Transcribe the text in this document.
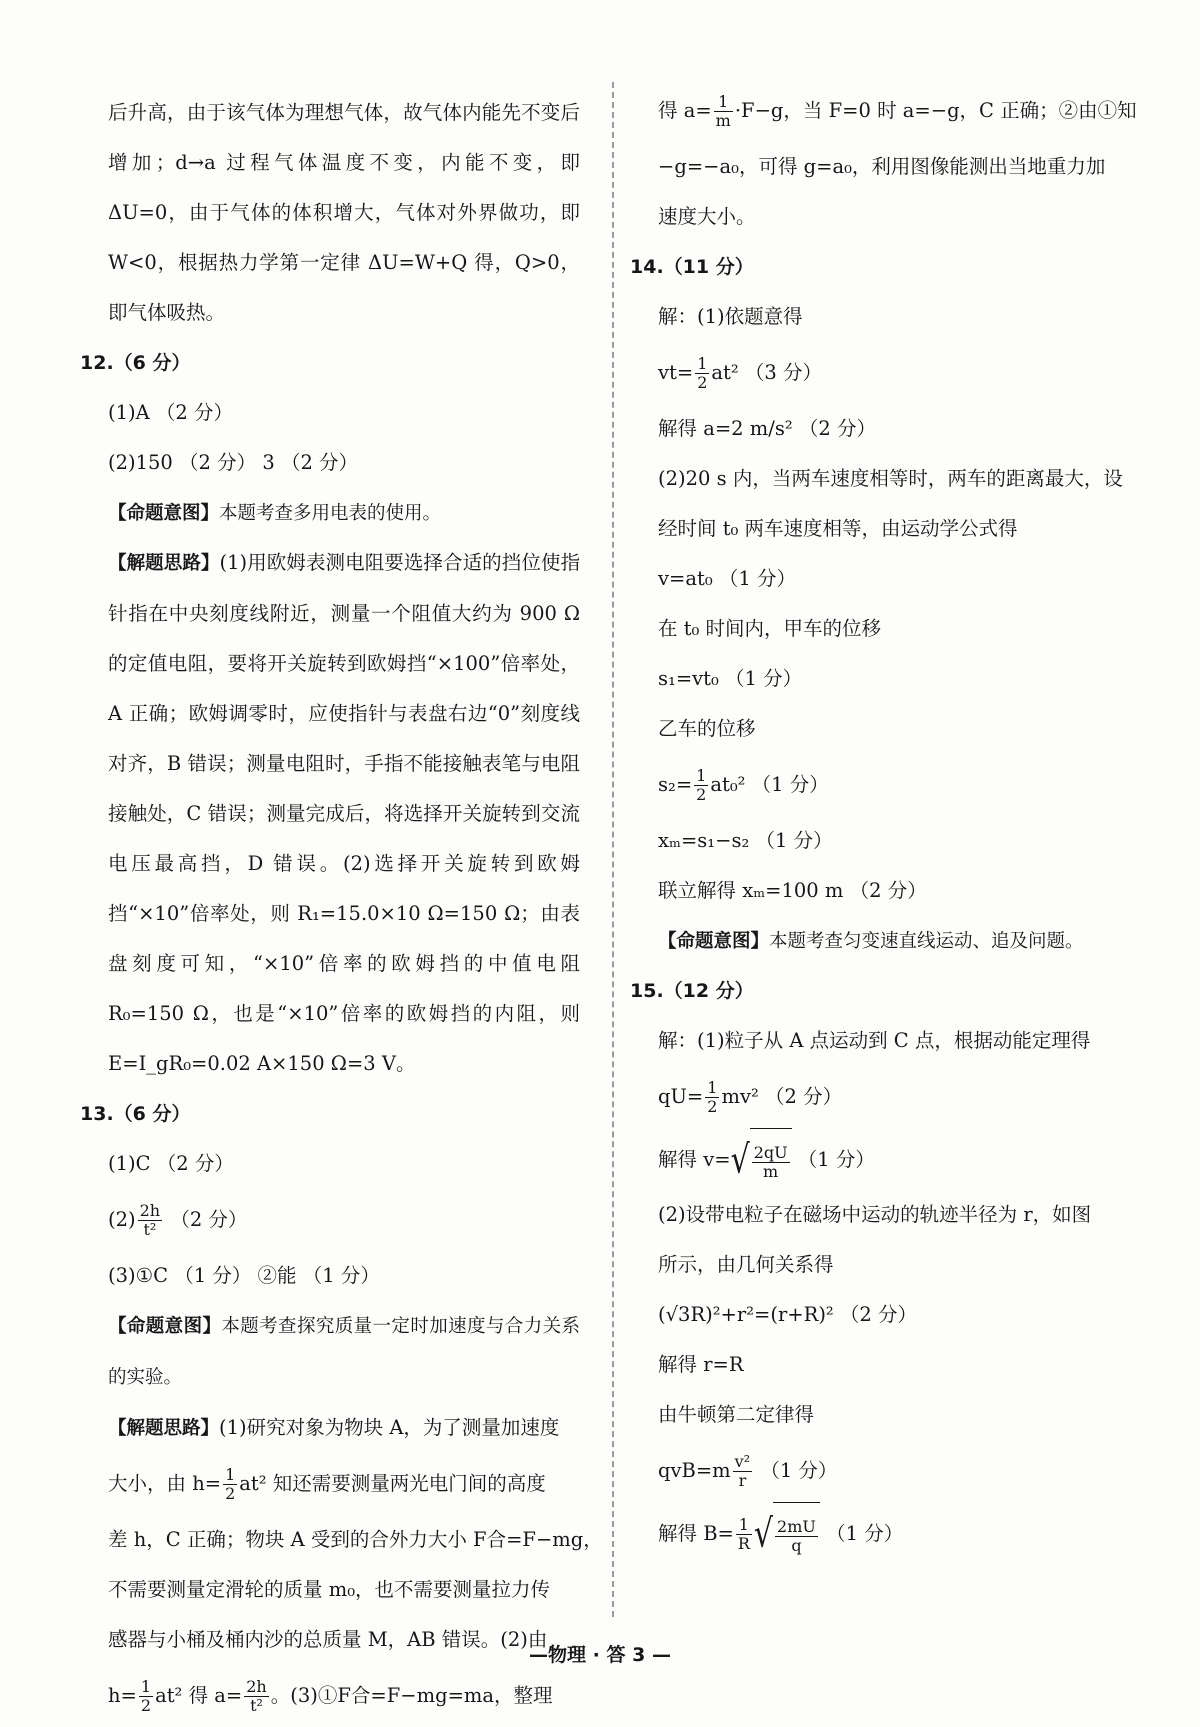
后升高，由于该气体为理想气体，故气体内能先不变后增加；d→a 过程气体温度不变，内能不变，即 ΔU=0，由于气体的体积增大，气体对外界做功，即 W<0，根据热力学第一定律 ΔU=W+Q 得，Q>0，即气体吸热。

12.（6 分）
(1)A （2 分）
(2)150 （2 分） 3 （2 分）
【命题意图】本题考查多用电表的使用。

【解题思路】(1)用欧姆表测电阻要选择合适的挡位使指针指在中央刻度线附近，测量一个阻值大约为 900 Ω 的定值电阻，要将开关旋转到欧姆挡“×100”倍率处，A 正确；欧姆调零时，应使指针与表盘右边“0”刻度线对齐，B 错误；测量电阻时，手指不能接触表笔与电阻接触处，C 错误；测量完成后，将选择开关旋转到交流电压最高挡，D 错误。(2)选择开关旋转到欧姆挡“×10”倍率处，则 R₁=15.0×10 Ω=150 Ω；由表盘刻度可知，“×10”倍率的欧姆挡的中值电阻 R₀=150 Ω，也是“×10”倍率的欧姆挡的内阻，则 E=I_gR₀=0.02 A×150 Ω=3 V。

13.（6 分）
(1)C （2 分）
$(2) \frac{2h}{\text{t²}} (2$ 分）
(3)①C （1 分） ②能 （1 分）

【命题意图】本题考查探究质量一定时加速度与合力关系的实验。

【解题思路】(1)研究对象为物块 A，为了测量加速度
大小，由 $h= \frac{1}{2} at^2$ 知还需要测量两光电门间的高度
差 h，C 正确；物块 A 受到的合外力大小 F合=F−mg，
不需要测量定滑轮的质量 m₀，也不需要测量拉力传
感器与小桶及桶内沙的总质量 M，AB 错误。(2)由
$h= \frac{1}{2} at^2$ 得 $a= \frac{2h}{\text{t²}}$ 。(3)①F合=F−mg=ma，整理
得 $a= \frac{1}{m} \cdot F-g$，当 F=0 时 a=−g，C 正确；②由①知
−g=−a₀，可得 g=a₀，利用图像能测出当地重力加
速度大小。
14.（11 分）
解：(1)依题意得
$vt= \frac{1}{2} at^2$ （3 分）
解得 a=2 m/s² （2 分）
(2)20 s 内，当两车速度相等时，两车的距离最大，设
经时间 t₀ 两车速度相等，由运动学公式得
v=at₀ （1 分）
在 t₀ 时间内，甲车的位移
s₁=vt₀ （1 分）
乙车的位移
$s_2= \frac{1}{2} at_0^2$ （1 分）
xₘ=s₁−s₂ （1 分）
联立解得 xₘ=100 m （2 分）
【命题意图】本题考查匀变速直线运动、追及问题。
15.（12 分）
解：(1)粒子从 A 点运动到 C 点，根据动能定理得
$qU= \frac{1}{2} mv^2$ （2 分）
解得 $v=√ \frac{2qU}{m} (1$ 分）
(2)设带电粒子在磁场中运动的轨迹半径为 r，如图
所示，由几何关系得
(√3R)²+r²=(r+R)² （2 分）
解得 r=R
由牛顿第二定律得
$qvB=m \frac{\text{v²}}{r} (1$ 分）
解得 $B= \frac{1}{R}$ √ $\frac{2mU}{q} (1$ 分）
—物理 · 答 3 —
